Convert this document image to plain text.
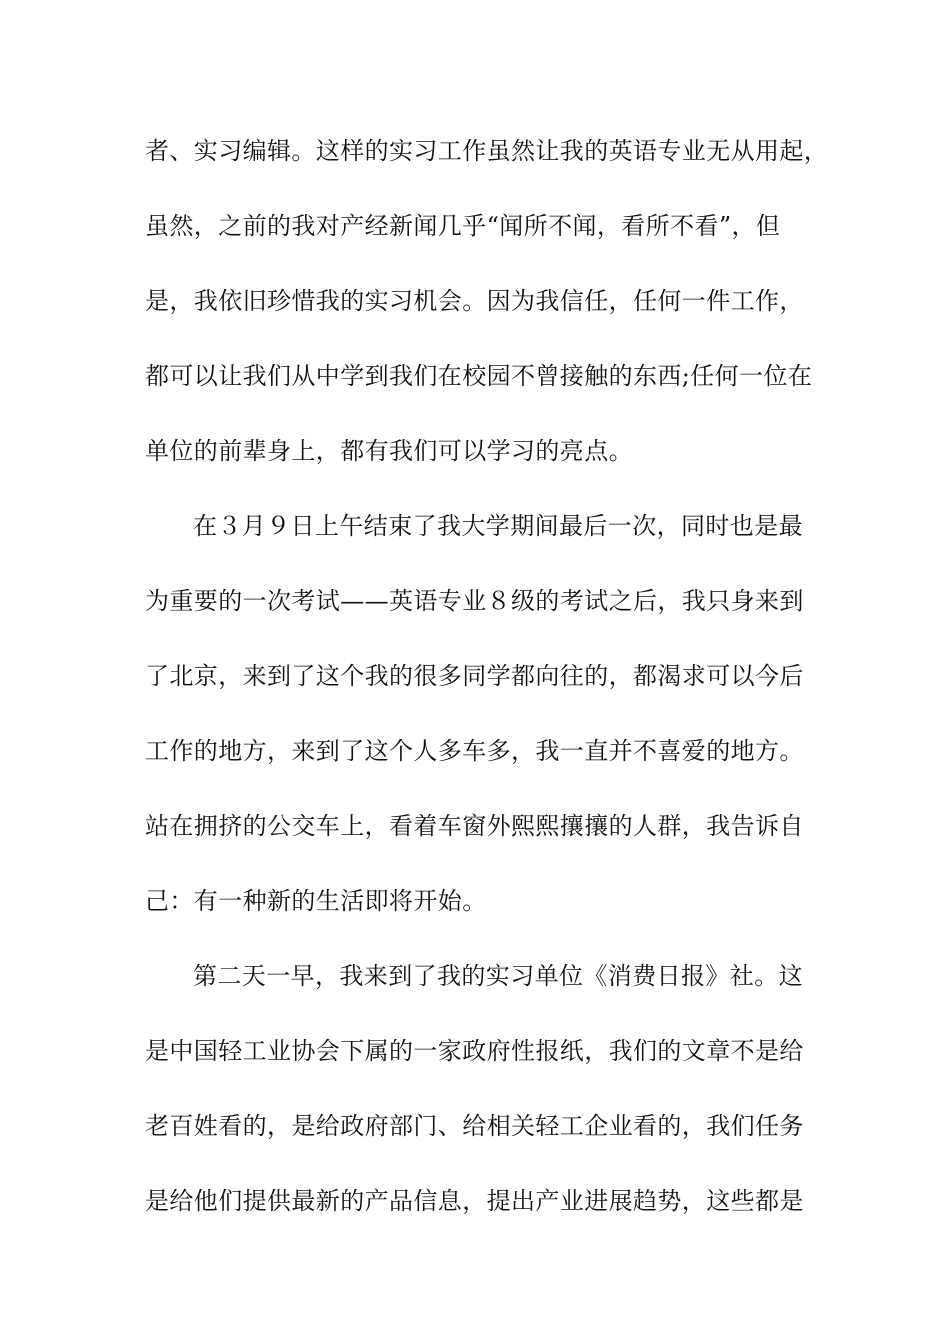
者、实习编辑。这样的实习工作虽然让我的英语专业无从用起，
虽然，之前的我对产经新闻几乎“闻所不闻，看所不看”，但
是，我依旧珍惜我的实习机会。因为我信任，任何一件工作，
都可以让我们从中学到我们在校园不曾接触的东西;任何一位在
单位的前辈身上，都有我们可以学习的亮点。
在３月９日上午结束了我大学期间最后一次，同时也是最
为重要的一次考试——英语专业８级的考试之后，我只身来到
了北京，来到了这个我的很多同学都向往的，都渴求可以今后
工作的地方，来到了这个人多车多，我一直并不喜爱的地方。
站在拥挤的公交车上，看着车窗外熙熙攘攘的人群，我告诉自
己：有一种新的生活即将开始。
第二天一早，我来到了我的实习单位《消费日报》社。这
是中国轻工业协会下属的一家政府性报纸，我们的文章不是给
老百姓看的，是给政府部门、给相关轻工企业看的，我们任务
是给他们提供最新的产品信息，提出产业进展趋势，这些都是
